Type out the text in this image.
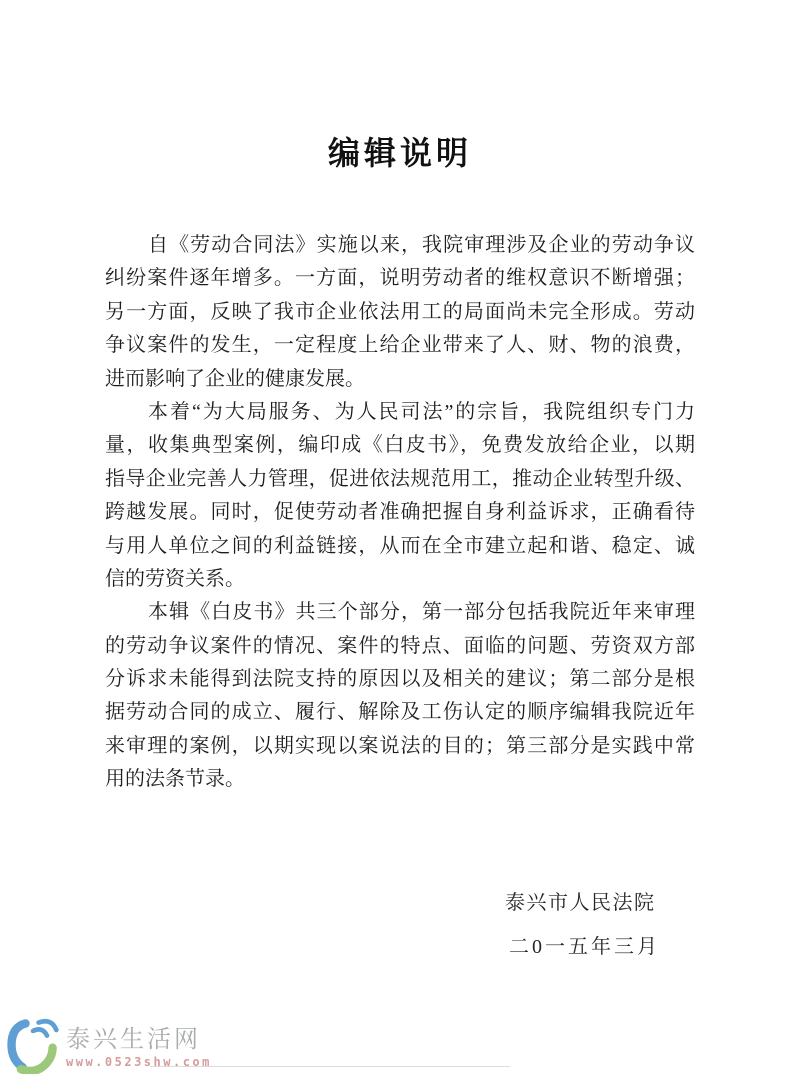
编辑说明
自《劳动合同法》实施以来，我院审理涉及企业的劳动争议
纠纷案件逐年增多。一方面，说明劳动者的维权意识不断增强；
另一方面，反映了我市企业依法用工的局面尚未完全形成。劳动
争议案件的发生，一定程度上给企业带来了人、财、物的浪费，
进而影响了企业的健康发展。
本着“为大局服务、为人民司法”的宗旨，我院组织专门力
量，收集典型案例，编印成《白皮书》，免费发放给企业，以期
指导企业完善人力管理，促进依法规范用工，推动企业转型升级、
跨越发展。同时，促使劳动者准确把握自身利益诉求，正确看待
与用人单位之间的利益链接，从而在全市建立起和谐、稳定、诚
信的劳资关系。
本辑《白皮书》共三个部分，第一部分包括我院近年来审理
的劳动争议案件的情况、案件的特点、面临的问题、劳资双方部
分诉求未能得到法院支持的原因以及相关的建议；第二部分是根
据劳动合同的成立、履行、解除及工伤认定的顺序编辑我院近年
来审理的案例，以期实现以案说法的目的；第三部分是实践中常
用的法条节录。
泰兴市人民法院
二0一五年三月
泰兴生活网
www.0523shw.com
